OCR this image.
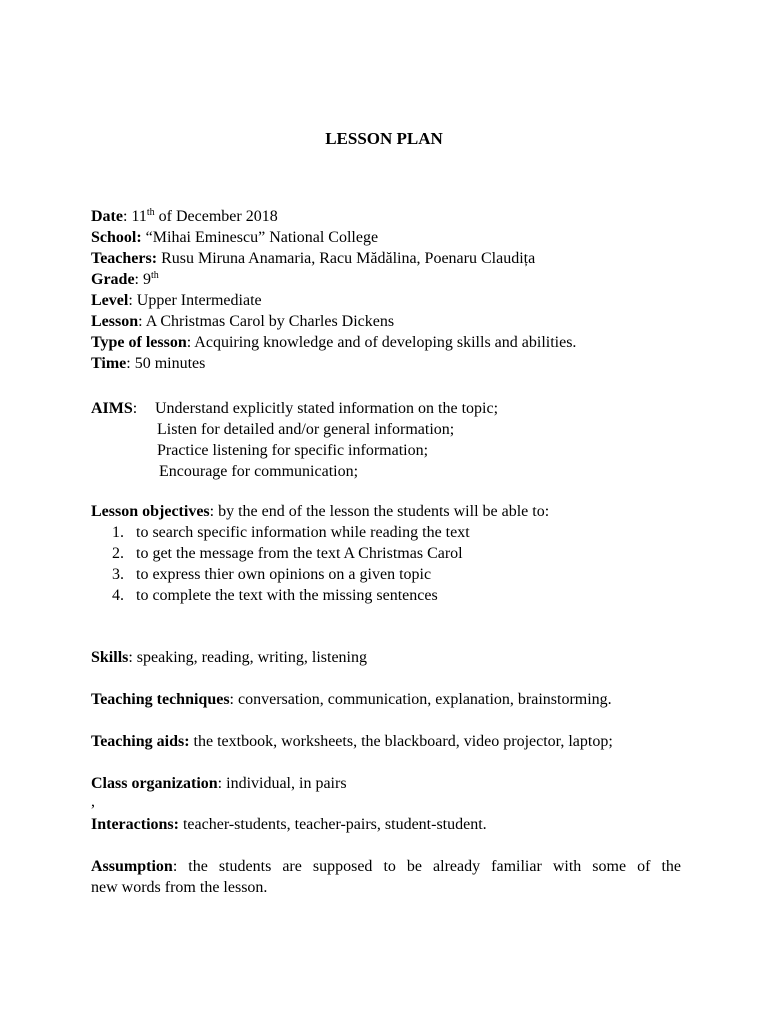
LESSON PLAN
Date: 11th of December 2018
School: “Mihai Eminescu” National College
Teachers: Rusu Miruna Anamaria, Racu Mădălina, Poenaru Claudița
Grade: 9th
Level: Upper Intermediate
Lesson: A Christmas Carol by Charles Dickens
Type of lesson: Acquiring knowledge and of developing skills and abilities.
Time: 50 minutes
AIMS: Understand explicitly stated information on the topic;
Listen for detailed and/or general information;
Practice listening for specific information;
Encourage for communication;
Lesson objectives: by the end of the lesson the students will be able to:
1. to search specific information while reading the text
2. to get the message from the text A Christmas Carol
3. to express thier own opinions on a given topic
4. to complete the text with the missing sentences
Skills: speaking, reading, writing, listening
Teaching techniques: conversation, communication, explanation, brainstorming.
Teaching aids: the textbook, worksheets, the blackboard, video projector, laptop;
Class organization: individual, in pairs
,
Interactions: teacher-students, teacher-pairs, student-student.
Assumption: the students are supposed to be already familiar with some of the
new words from the lesson.
